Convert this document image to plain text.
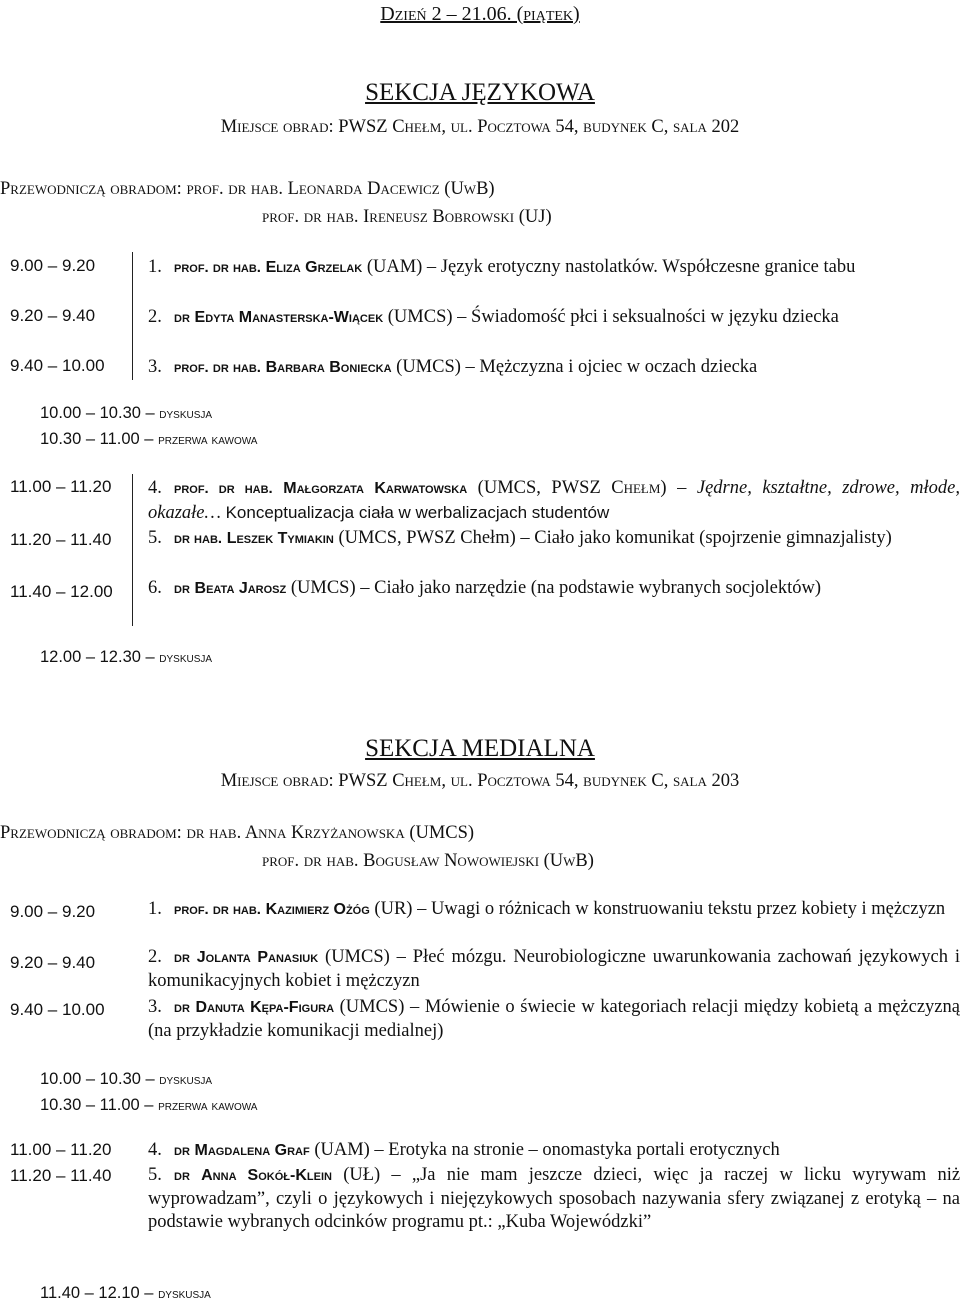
Dzień 2 – 21.06. (piątek)
SEKCJA JĘZYKOWA
Miejsce obrad: PWSZ Chełm, ul. Pocztowa 54, budynek C, sala 202
Przewodniczą obradom: prof. dr hab. Leonarda Dacewicz (UwB)
prof. dr hab. Ireneusz Bobrowski (UJ)
9.00 – 9.20	1. prof. dr hab. Eliza Grzelak (UAM) – Język erotyczny nastolatków. Współczesne granice tabu
9.20 – 9.40	2. dr Edyta Manasterska-Wiącek (UMCS) – Świadomość płci i seksualności w języku dziecka
9.40 – 10.00 3. prof. dr hab. Barbara Boniecka (UMCS) – Mężczyzna i ojciec w oczach dziecka
10.00 – 10.30 – dyskusja
10.30 – 11.00 – przerwa kawowa
11.00 – 11.20 4. prof. dr hab. Małgorzata Karwatowska (UMCS, PWSZ Chełm) – Jędrne, kształtne, zdrowe, młode, okazałe… Konceptualizacja ciała w werbalizacjach studentów
11.20 – 11.40 5. dr hab. Leszek Tymiakin (UMCS, PWSZ Chełm) – Ciało jako komunikat (spojrzenie gimnazjalisty)
11.40 – 12.00 6. dr Beata Jarosz (UMCS) – Ciało jako narzędzie (na podstawie wybranych socjolektów)
12.00 – 12.30 – dyskusja
SEKCJA MEDIALNA
Miejsce obrad: PWSZ Chełm, ul. Pocztowa 54, budynek C, sala 203
Przewodniczą obradom: dr hab. Anna Krzyżanowska (UMCS)
prof. dr hab. Bogusław Nowowiejski (UwB)
9.00 – 9.20	1. prof. dr hab. Kazimierz Ożóg (UR) – Uwagi o różnicach w konstruowaniu tekstu przez kobiety i mężczyzn
9.20 – 9.40	2. dr Jolanta Panasiuk (UMCS) – Płeć mózgu. Neurobiologiczne uwarunkowania zachowań językowych i komunikacyjnych kobiet i mężczyzn
9.40 – 10.00 3. dr Danuta Kępa-Figura (UMCS) – Mówienie o świecie w kategoriach relacji między kobietą a mężczyzną (na przykładzie komunikacji medialnej)
10.00 – 10.30 – dyskusja
10.30 – 11.00 – przerwa kawowa
11.00 – 11.20 4. dr Magdalena Graf (UAM) – Erotyka na stronie – onomastyka portali erotycznych
11.20 – 11.40 5. dr Anna Sokół-Klein (UŁ) – „Ja nie mam jeszcze dzieci, więc ja raczej w licku wyrywam niż wyprowadzam”, czyli o językowych i niejęzykowych sposobach nazywania sfery związanej z erotyką – na podstawie wybranych odcinków programu pt.: „Kuba Wojewódzki”
11.40 – 12.10 – dyskusja
